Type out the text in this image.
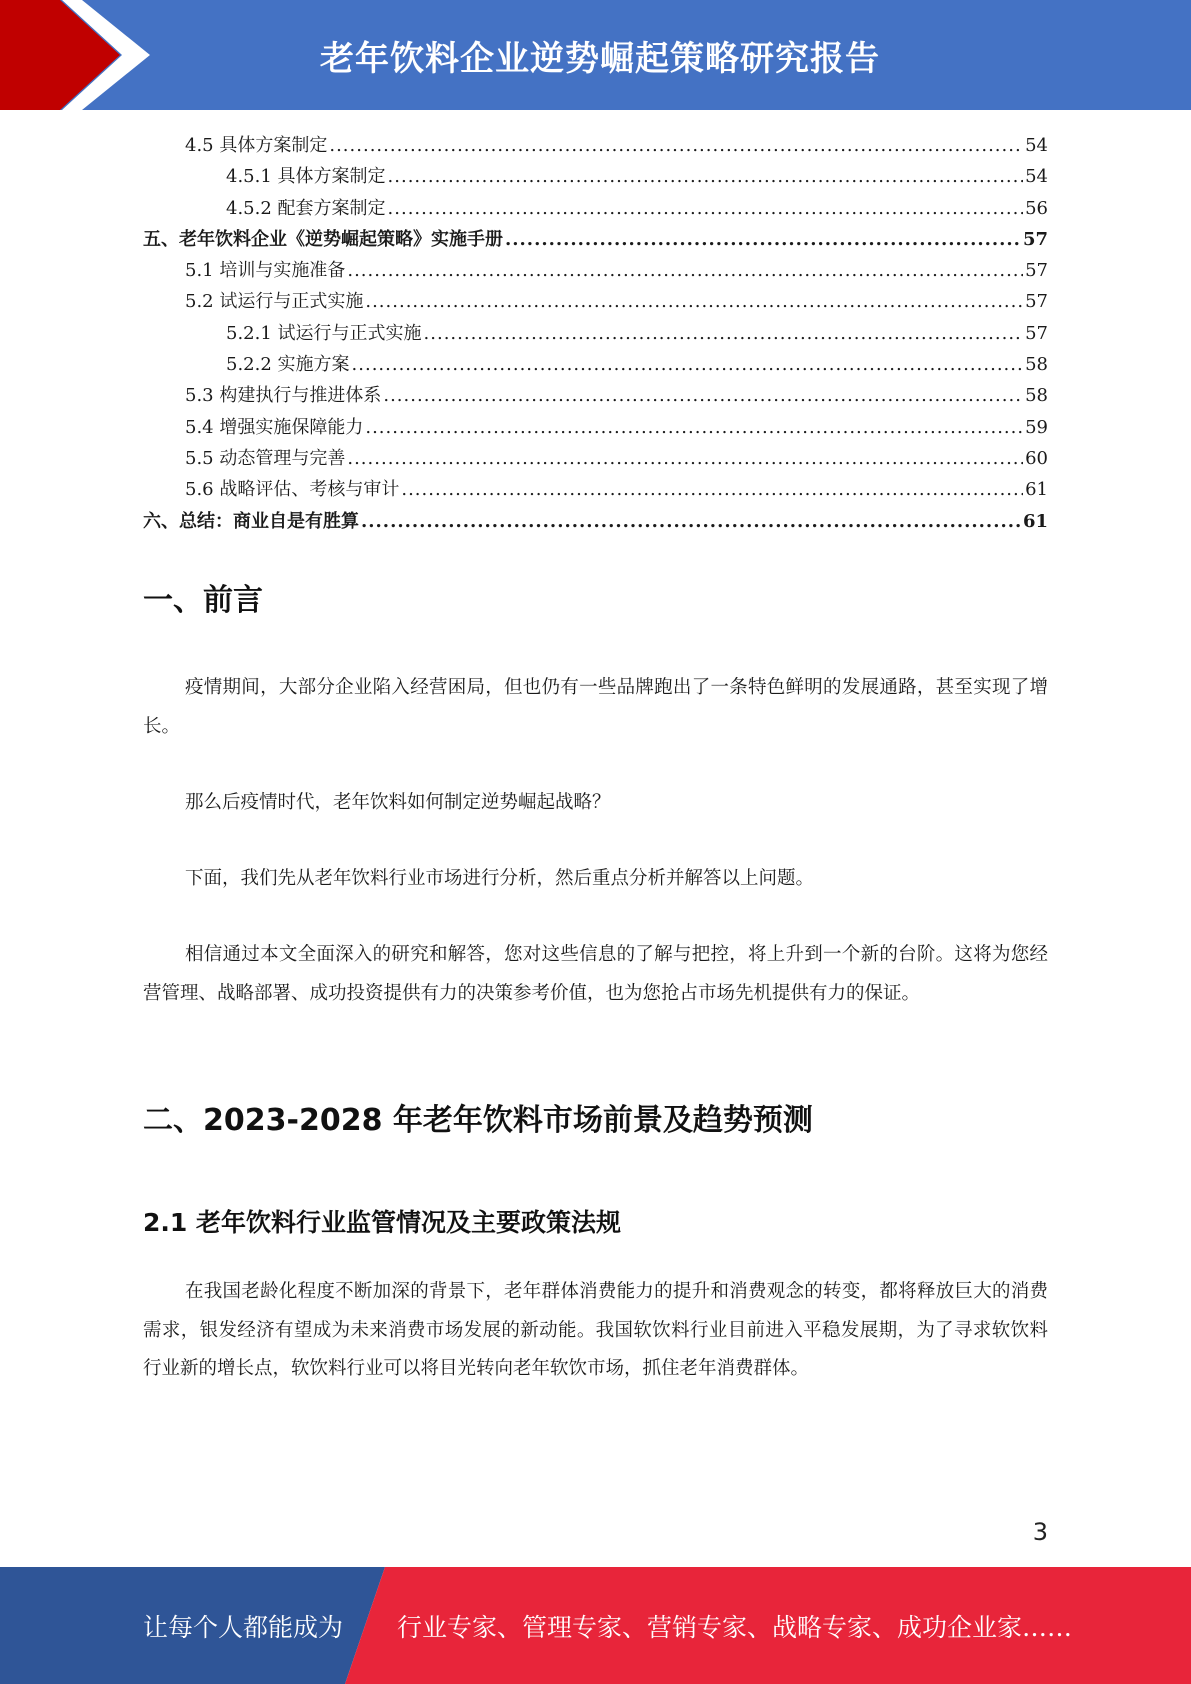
老年饮料企业逆势崛起策略研究报告
4.5 具体方案制定 .....	54
4.5.1 具体方案制定 .....	54
4.5.2 配套方案制定 .....	56
五、老年饮料企业《逆势崛起策略》实施手册 .....	57
5.1 培训与实施准备 .....	57
5.2 试运行与正式实施 .....	57
5.2.1 试运行与正式实施 .....	57
5.2.2 实施方案 .....	58
5.3 构建执行与推进体系 .....	58
5.4 增强实施保障能力 .....	59
5.5 动态管理与完善 .....	60
5.6 战略评估、考核与审计 .....	61
六、总结：商业自是有胜算 .....	61
一、前言

疫情期间，大部分企业陷入经营困局，但也仍有一些品牌跑出了一条特色鲜明的发展通路，甚至实现了增长。

那么后疫情时代，老年饮料如何制定逆势崛起战略？

下面，我们先从老年饮料行业市场进行分析，然后重点分析并解答以上问题。

相信通过本文全面深入的研究和解答，您对这些信息的了解与把控，将上升到一个新的台阶。这将为您经营管理、战略部署、成功投资提供有力的决策参考价值，也为您抢占市场先机提供有力的保证。

二、2023-2028 年老年饮料市场前景及趋势预测
2.1 老年饮料行业监管情况及主要政策法规

在我国老龄化程度不断加深的背景下，老年群体消费能力的提升和消费观念的转变，都将释放巨大的消费需求，银发经济有望成为未来消费市场发展的新动能。我国软饮料行业目前进入平稳发展期，为了寻求软饮料行业新的增长点，软饮料行业可以将目光转向老年软饮市场，抓住老年消费群体。

3
让每个人都能成为 行业专家、管理专家、营销专家、战略专家、成功企业家……
